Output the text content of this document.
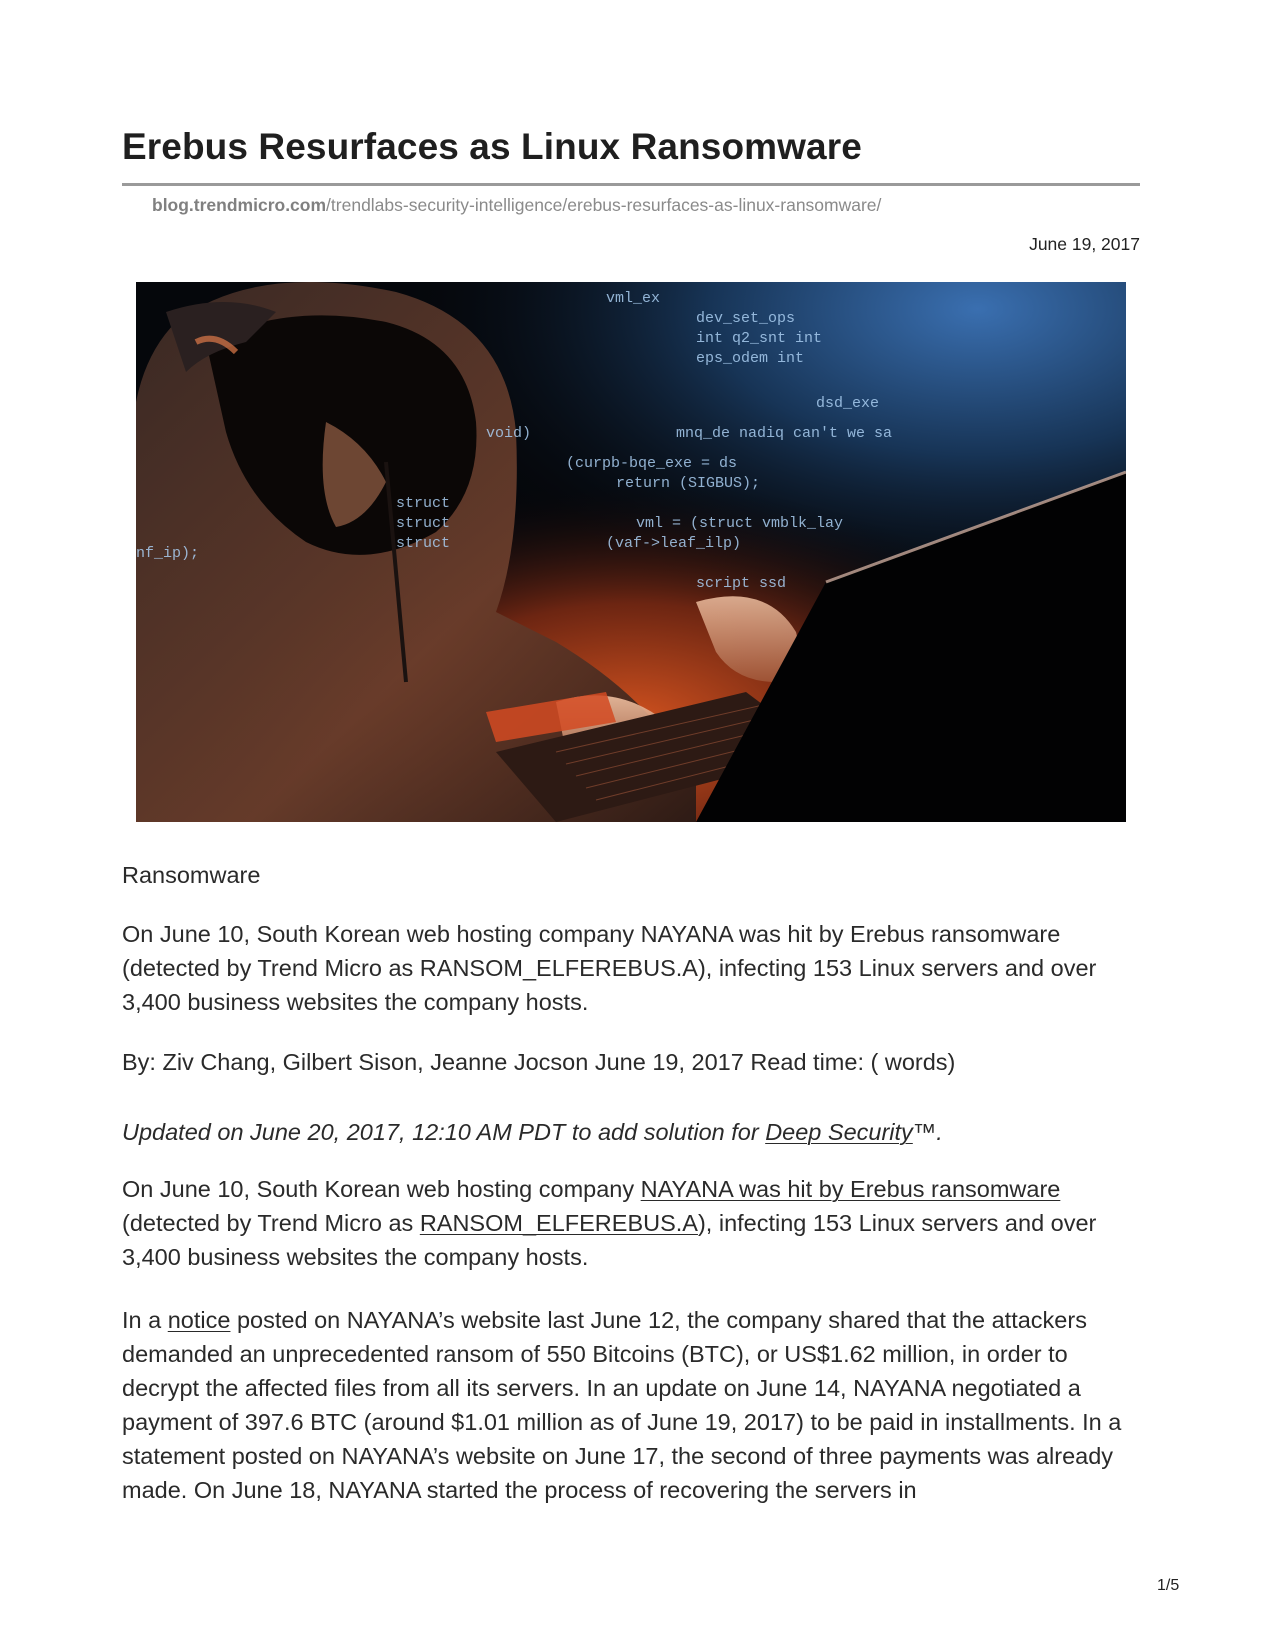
Erebus Resurfaces as Linux Ransomware
blog.trendmicro.com/trendlabs-security-intelligence/erebus-resurfaces-as-linux-ransomware/
June 19, 2017
vml_ex
dev_set_ops
int q2_snt int
eps_odem int
dsd_exe
void)	mnq_de nadiq can't we sa
(curpb-bqe_exe = ds
return (SIGBUS);
vml = (struct vmblk_lay
(vaf->leaf_ilp)
script ssd
nf_ip);
struct
struct
struct

Ransomware

On June 10, South Korean web hosting company NAYANA was hit by Erebus ransomware (detected by Trend Micro as RANSOM_ELFEREBUS.A), infecting 153 Linux servers and over 3,400 business websites the company hosts.

By: Ziv Chang, Gilbert Sison, Jeanne Jocson June 19, 2017 Read time: ( words)

Updated on June 20, 2017, 12:10 AM PDT to add solution for Deep Security™.

On June 10, South Korean web hosting company NAYANA was hit by Erebus ransomware (detected by Trend Micro as RANSOM_ELFEREBUS.A), infecting 153 Linux servers and over 3,400 business websites the company hosts.

In a notice posted on NAYANA’s website last June 12, the company shared that the attackers demanded an unprecedented ransom of 550 Bitcoins (BTC), or US$1.62 million, in order to decrypt the affected files from all its servers. In an update on June 14, NAYANA negotiated a payment of 397.6 BTC (around $1.01 million as of June 19, 2017) to be paid in installments. In a statement posted on NAYANA’s website on June 17, the second of three payments was already made. On June 18, NAYANA started the process of recovering the servers in

1/5
